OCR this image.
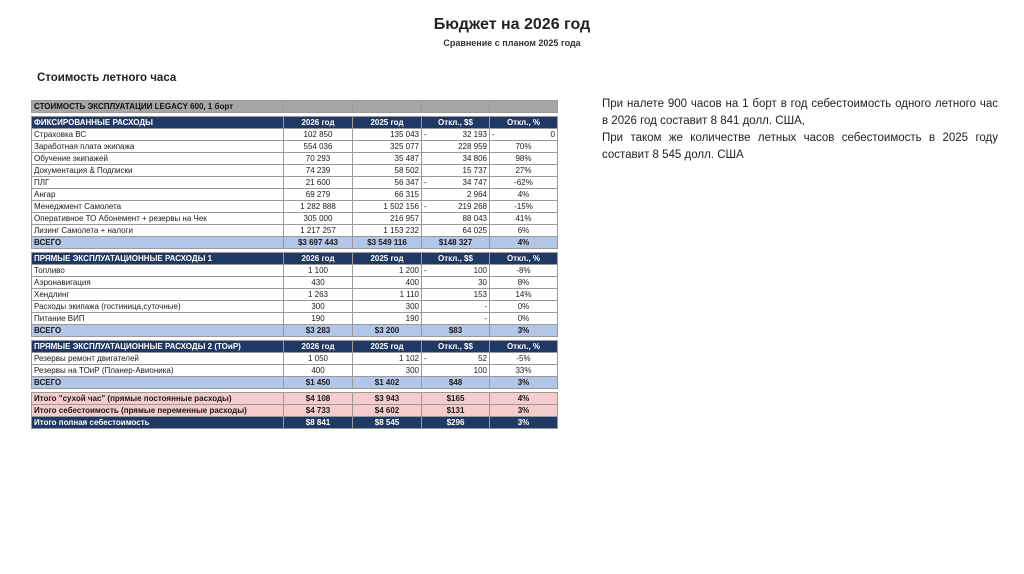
Бюджет на 2026 год
Сравнение с планом 2025 года
Стоимость летного часа

При налете 900 часов на 1 борт в год себестоимость одного летного час в 2026 год составит 8 841 долл. США,

При таком же количестве летных часов себестоимость в 2025 году составит 8 545 долл. США

СТОИМОСТЬ ЭКСПЛУАТАЦИИ LEGACY 600, 1 борт				

ФИКСИРОВАННЫЕ РАСХОДЫ	2026 год	2025 год	Откл., $$	Откл., %
Страховка ВС	102 850	135 043	- 32 193	- 0

Заработная плата экипажа	554 036	325 077	228 959	70%
Обучение экипажей	70 293	35 487	34 806	98%
Документация & Подписки	74 239	58 502	15 737	27%
ПЛГ	21 600	56 347	- 34 747	-62%
Ангар	69 279	66 315	2 964	4%
Менеджмент Самолета	1 282 888	1 502 156	- 219 268	-15%
Оперативное ТО Абонемент + резервы на Чек	305 000	216 957	88 043	41%
Лизинг Самолета + налоги	1 217 257	1 153 232	64 025	6%
ВСЕГО	$3 697 443	$3 549 116	$148 327	4%

ПРЯМЫЕ ЭКСПЛУАТАЦИОННЫЕ РАСХОДЫ 1	2026 год	2025 год	Откл., $$	Откл., %
Топливо	1 100	1 200	- 100	-8%
Аэронавигация	430	400	30	8%
Хендлинг	1 263	1 110	153	14%
Расходы экипажа (гостиница,суточные)	300	300	-	0%
Питание ВИП	190	190	-	0%
ВСЕГО	$3 283	$3 200	$83	3%

ПРЯМЫЕ ЭКСПЛУАТАЦИОННЫЕ РАСХОДЫ 2 (ТОиР)	2026 год	2025 год	Откл., $$	Откл., %
Резервы ремонт двигателей	1 050	1 102	- 52	-5%
Резервы на ТОиР (Планер-Авионика)	400	300	100	33%
ВСЕГО	$1 450	$1 402	$48	3%

Итого "сухой час" (прямые постоянные расходы)	$4 108	$3 943	$165	4%
Итого себестоимость (прямые переменные расходы)	$4 733	$4 602	$131	3%
Итого полная себестоимость	$8 841	$8 545	$296	3%
